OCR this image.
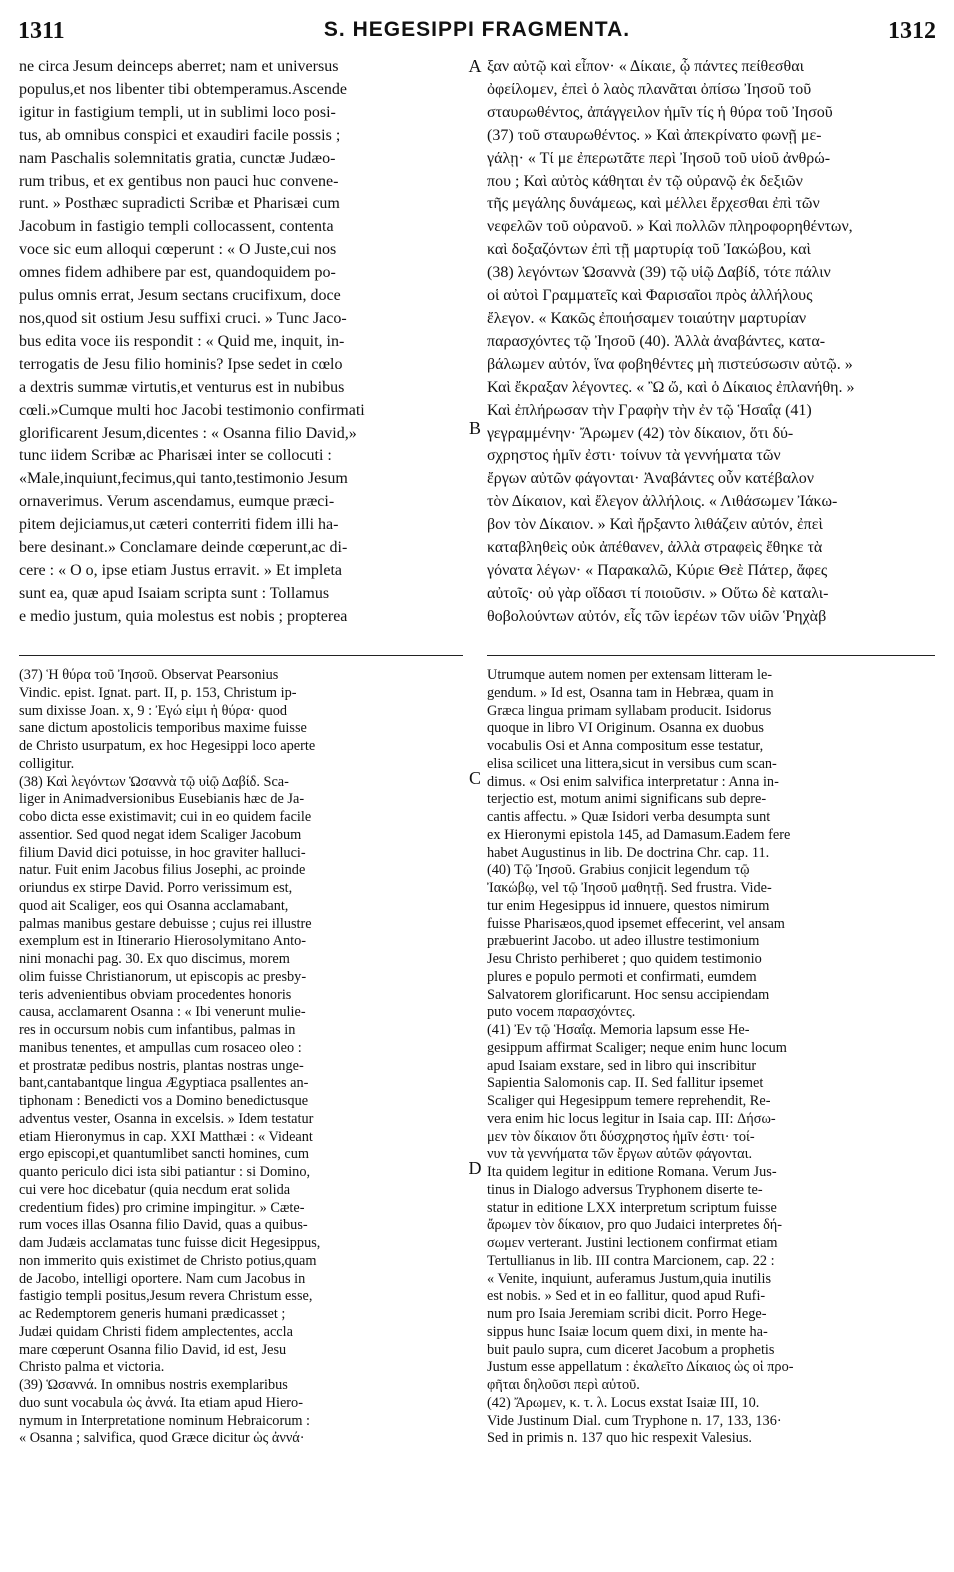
1311	S. HEGESIPPI FRAGMENTA.	1312
ne circa Jesum deinceps aberret; nam et universus
populus,et nos libenter tibi obtemperamus.Ascende
igitur in fastigium templi, ut in sublimi loco posi-
tus, ab omnibus conspici et exaudiri facile possis ;
nam Paschalis solemnitatis gratia, cunctæ Judæo-
rum tribus, et ex gentibus non pauci huc convene-
runt. » Posthæc supradicti Scribæ et Pharisæi cum
Jacobum in fastigio templi collocassent, contenta
voce sic eum alloqui cœperunt : « O Juste,cui nos
omnes fidem adhibere par est, quandoquidem po-
pulus omnis errat, Jesum sectans crucifixum, doce
nos,quod sit ostium Jesu suffixi cruci. » Tunc Jaco-
bus edita voce iis respondit : « Quid me, inquit, in-
terrogatis de Jesu filio hominis? Ipse sedet in cœlo
a dextris summæ virtutis,et venturus est in nubibus
cœli.»Cumque multi hoc Jacobi testimonio confirmati
glorificarent Jesum,dicentes : « Osanna filio David,»
tunc iidem Scribæ ac Pharisæi inter se collocuti :
«Male,inquiunt,fecimus,qui tanto,testimonio Jesum
ornaverimus. Verum ascendamus, eumque præci-
pitem dejiciamus,ut cæteri conterriti fidem illi ha-
bere desinant.» Conclamare deinde cœperunt,ac di-
cere : « O o, ipse etiam Justus erravit. » Et impleta
sunt ea, quæ apud Isaiam scripta sunt : Tollamus
e medio justum, quia molestus est nobis ; propterea
ξαν αὐτῷ καὶ εἶπον· « Δίκαιε, ᾧ πάντες πείθεσθαι
ὀφείλομεν, ἐπεὶ ὁ λαὸς πλανᾶται ὀπίσω Ἰησοῦ τοῦ
σταυρωθέντος, ἀπάγγειλον ἡμῖν τίς ἡ θύρα τοῦ Ἰησοῦ
(37) τοῦ σταυρωθέντος. » Καὶ ἀπεκρίνατο φωνῇ με-
γάλῃ· « Τί με ἐπερωτᾶτε περὶ Ἰησοῦ τοῦ υἱοῦ ἀνθρώ-
που ; Καὶ αὐτὸς κάθηται ἐν τῷ οὐρανῷ ἐκ δεξιῶν
τῆς μεγάλης δυνάμεως, καὶ μέλλει ἔρχεσθαι ἐπὶ τῶν
νεφελῶν τοῦ οὐρανοῦ. » Καὶ πολλῶν πληροφορηθέντων,
καὶ δοξαζόντων ἐπὶ τῇ μαρτυρίᾳ τοῦ Ἰακώβου, καὶ
(38) λεγόντων Ὡσαννὰ (39) τῷ υἱῷ Δαβίδ, τότε πάλιν
οἱ αὐτοὶ Γραμματεῖς καὶ Φαρισαῖοι πρὸς ἀλλήλους
ἔλεγον. « Κακῶς ἐποιήσαμεν τοιαύτην μαρτυρίαν
παρασχόντες τῷ Ἰησοῦ (40). Ἀλλὰ ἀναβάντες, κατα-
βάλωμεν αὐτόν, ἵνα φοβηθέντες μὴ πιστεύσωσιν αὐτῷ. »
Καὶ ἔκραξαν λέγοντες. « Ὢ ὤ, καὶ ὁ Δίκαιος ἐπλανήθη. »
Καὶ ἐπλήρωσαν τὴν Γραφὴν τὴν ἐν τῷ Ἡσαΐᾳ (41)
γεγραμμένην· Ἄρωμεν (42) τὸν δίκαιον, ὅτι δύ-
σχρηστος ἡμῖν ἐστι· τοίνυν τὰ γεννήματα τῶν
ἔργων αὐτῶν φάγονται· Ἀναβάντες οὖν κατέβαλον
τὸν Δίκαιον, καὶ ἔλεγον ἀλλήλοις. « Λιθάσωμεν Ἰάκω-
βον τὸν Δίκαιον. » Καὶ ἤρξαντο λιθάζειν αὐτόν, ἐπεὶ
καταβληθεὶς οὐκ ἀπέθανεν, ἀλλὰ στραφεὶς ἔθηκε τὰ
γόνατα λέγων· « Παρακαλῶ, Κύριε Θεὲ Πάτερ, ἄφες
αὐτοῖς· οὐ γὰρ οἴδασι τί ποιοῦσιν. » Οὕτω δὲ καταλι-
θοβολούντων αὐτόν, εἷς τῶν ἱερέων τῶν υἱῶν Ῥηχὰβ
(37) Ἡ θύρα τοῦ Ἰησοῦ. Observat Pearsonius
Vindic. epist. Ignat. part. II, p. 153, Christum ip-
sum dixisse Joan. x, 9 : Ἐγώ εἰμι ἡ θύρα· quod
sane dictum apostolicis temporibus maxime fuisse
de Christo usurpatum, ex hoc Hegesippi loco aperte
colligitur.
(38) Καὶ λεγόντων Ὡσαννὰ τῷ υἱῷ Δαβίδ. Sca-
liger in Animadversionibus Eusebianis hæc de Ja-
cobo dicta esse existimavit; cui in eo quidem facile
assentior. Sed quod negat idem Scaliger Jacobum
filium David dici potuisse, in hoc graviter halluci-
natur. Fuit enim Jacobus filius Josephi, ac proinde
oriundus ex stirpe David. Porro verissimum est,
quod ait Scaliger, eos qui Osanna acclamabant,
palmas manibus gestare debuisse ; cujus rei illustre
exemplum est in Itinerario Hierosolymitano Anto-
nini monachi pag. 30. Ex quo discimus, morem
olim fuisse Christianorum, ut episcopis ac presby-
teris advenientibus obviam procedentes honoris
causa, acclamarent Osanna : « Ibi venerunt mulie-
res in occursum nobis cum infantibus, palmas in
manibus tenentes, et ampullas cum rosaceo oleo :
et prostratæ pedibus nostris, plantas nostras unge-
bant,cantabantque lingua Ægyptiaca psallentes an-
tiphonam : Benedicti vos a Domino benedictusque
adventus vester, Osanna in excelsis. » Idem testatur
etiam Hieronymus in cap. XXI Matthæi : « Videant
ergo episcopi,et quantumlibet sancti homines, cum
quanto periculo dici ista sibi patiantur : si Domino,
cui vere hoc dicebatur (quia necdum erat solida
credentium fides) pro crimine impingitur. » Cæte-
rum voces illas Osanna filio David, quas a quibus-
dam Judæis acclamatas tunc fuisse dicit Hegesippus,
non immerito quis existimet de Christo potius,quam
de Jacobo, intelligi oportere. Nam cum Jacobus in
fastigio templi positus,Jesum revera Christum esse,
ac Redemptorem generis humani prædicasset ;
Judæi quidam Christi fidem amplectentes, accla
mare cœperunt Osanna filio David, id est, Jesu
Christo palma et victoria.
(39) Ὡσαννά. In omnibus nostris exemplaribus
duo sunt vocabula ὡς ἀννά. Ita etiam apud Hiero-
nymum in Interpretatione nominum Hebraicorum :
« Osanna ; salvifica, quod Græce dicitur ὡς ἀννά·
Utrumque autem nomen per extensam litteram le-
gendum. » Id est, Osanna tam in Hebræa, quam in
Græca lingua primam syllabam producit. Isidorus
quoque in libro VI Originum. Osanna ex duobus
vocabulis Osi et Anna compositum esse testatur,
elisa scilicet una littera,sicut in versibus cum scan-
dimus. « Osi enim salvifica interpretatur : Anna in-
terjectio est, motum animi significans sub depre-
cantis affectu. » Quæ Isidori verba desumpta sunt
ex Hieronymi epistola 145, ad Damasum.Eadem fere
habet Augustinus in lib. De doctrina Chr. cap. 11.
(40) Τῷ Ἰησοῦ. Grabius conjicit legendum τῷ
Ἰακώβῳ, vel τῷ Ἰησοῦ μαθητῇ. Sed frustra. Vide-
tur enim Hegesippus id innuere, questos nimirum
fuisse Pharisæos,quod ipsemet effecerint, vel ansam
præbuerint Jacobo. ut adeo illustre testimonium
Jesu Christo perhiberet ; quo quidem testimonio
plures e populo permoti et confirmati, eumdem
Salvatorem glorificarunt. Hoc sensu accipiendam
puto vocem παρασχόντες.
(41) Ἐν τῷ Ἡσαΐᾳ. Memoria lapsum esse He-
gesippum affirmat Scaliger; neque enim hunc locum
apud Isaiam exstare, sed in libro qui inscribitur
Sapientia Salomonis cap. II. Sed fallitur ipsemet
Scaliger qui Hegesippum temere reprehendit, Re-
vera enim hic locus legitur in Isaia cap. III: Δήσω-
μεν τὸν δίκαιον ὅτι δύσχρηστος ἡμῖν ἐστι· τοί-
νυν τὰ γεννήματα τῶν ἔργων αὐτῶν φάγονται.
Ita quidem legitur in editione Romana. Verum Jus-
tinus in Dialogo adversus Tryphonem diserte te-
statur in editione LXX interpretum scriptum fuisse
ἄρωμεν τὸν δίκαιον, pro quo Judaici interpretes δή-
σωμεν verterant. Justini lectionem confirmat etiam
Tertullianus in lib. III contra Marcionem, cap. 22 :
« Venite, inquiunt, auferamus Justum,quia inutilis
est nobis. » Sed et in eo fallitur, quod apud Rufi-
num pro Isaia Jeremiam scribi dicit. Porro Hege-
sippus hunc Isaiæ locum quem dixi, in mente ha-
buit paulo supra, cum diceret Jacobum a prophetis
Justum esse appellatum : ἐκαλεῖτο Δίκαιος ὡς οἱ προ-
φῆται δηλοῦσι περὶ αὐτοῦ.
(42) Ἄρωμεν, κ. τ. λ. Locus exstat Isaiæ III, 10.
Vide Justinum Dial. cum Tryphone n. 17, 133, 136·
Sed in primis n. 137 quo hic respexit Valesius.
A
B
C
D
